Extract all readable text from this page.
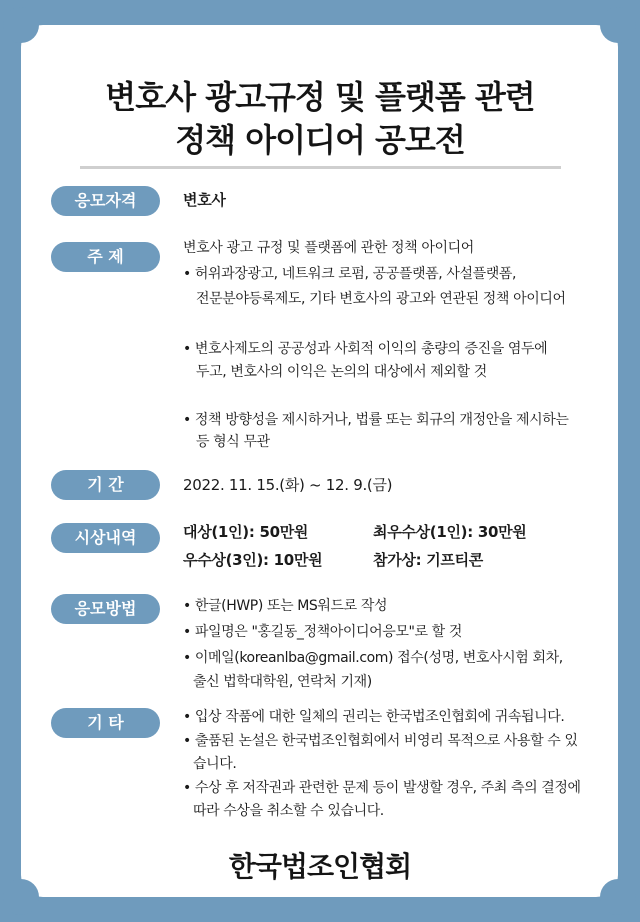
변호사 광고규정 및 플랫폼 관련
정책 아이디어 공모전
응모자격	변호사
주 제	변호사 광고 규정 및 플랫폼에 관한 정책 아이디어
• 허위과장광고, 네트워크 로펌, 공공플랫폼, 사설플랫폼,
전문분야등록제도, 기타 변호사의 광고와 연관된 정책 아이디어
• 변호사제도의 공공성과 사회적 이익의 총량의 증진을 염두에
두고, 변호사의 이익은 논의의 대상에서 제외할 것
• 정책 방향성을 제시하거나, 법률 또는 회규의 개정안을 제시하는
등 형식 무관
기 간	2022. 11. 15.(화) ~ 12. 9.(금)
시상내역	대상(1인): 50만원	최우수상(1인): 30만원
우수상(3인): 10만원	참가상: 기프티콘
응모방법	• 한글(HWP) 또는 MS워드로 작성
• 파일명은 "홍길동_정책아이디어응모"로 할 것
• 이메일(koreanlba@gmail.com) 접수(성명, 변호사시험 회차,
출신 법학대학원, 연락처 기재)
기 타	• 입상 작품에 대한 일체의 권리는 한국법조인협회에 귀속됩니다.
• 출품된 논설은 한국법조인협회에서 비영리 목적으로 사용할 수 있
습니다.
• 수상 후 저작권과 관련한 문제 등이 발생할 경우, 주최 측의 결정에
따라 수상을 취소할 수 있습니다.
한국법조인협회
